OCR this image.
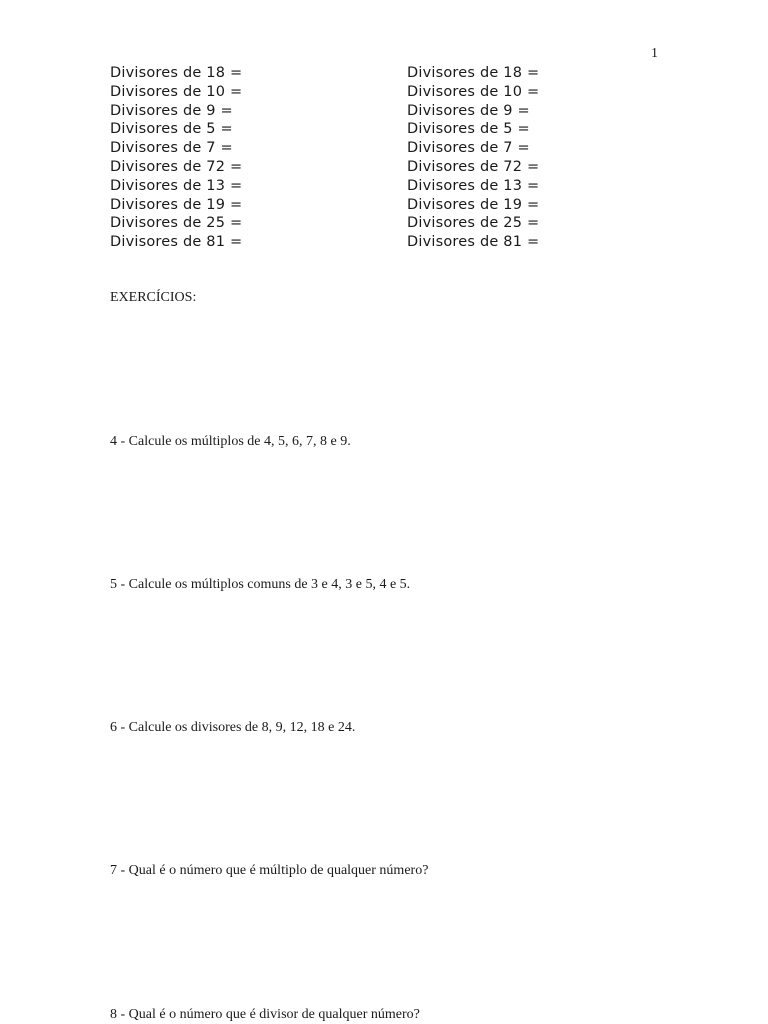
1
Divisores de 18 =
Divisores de 10 =
Divisores de 9 =
Divisores de 5 =
Divisores de 7 =
Divisores de 72 =
Divisores de 13 =
Divisores de 19 =
Divisores de 25 =
Divisores de 81 =
Divisores de 18 =
Divisores de 10 =
Divisores de 9 =
Divisores de 5 =
Divisores de 7 =
Divisores de 72 =
Divisores de 13 =
Divisores de 19 =
Divisores de 25 =
Divisores de 81 =
EXERCÍCIOS:
4 - Calcule os múltiplos de 4, 5, 6, 7, 8 e 9.
5 - Calcule os múltiplos comuns de 3 e 4, 3 e 5, 4 e 5.
6 - Calcule os divisores de 8, 9, 12, 18 e 24.
7 - Qual é o número que é múltiplo de qualquer número?
8 - Qual é o número que é divisor de qualquer número?
